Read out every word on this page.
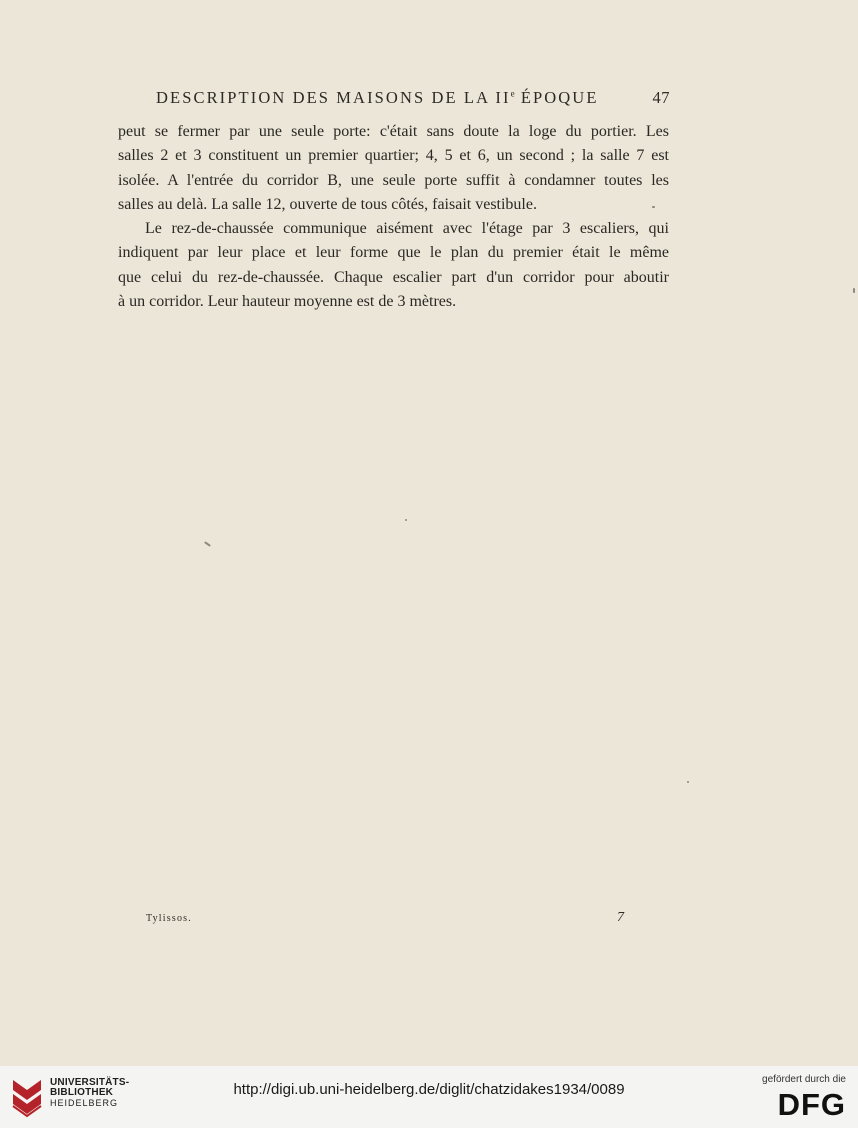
DESCRIPTION DES MAISONS DE LA IIe ÉPOQUE	47

peut se fermer par une seule porte: c'était sans doute la loge du portier. Les

salles 2 et 3 constituent un premier quartier; 4, 5 et 6, un second ; la salle 7 est

isolée. A l'entrée du corridor B, une seule porte suffit à condamner toutes les

salles au delà. La salle 12, ouverte de tous côtés, faisait vestibule.

Le rez-de-chaussée communique aisément avec l'étage par 3 escaliers, qui

indiquent par leur place et leur forme que le plan du premier était le même

que celui du rez-de-chaussée. Chaque escalier part d'un corridor pour aboutir

à un corridor. Leur hauteur moyenne est de 3 mètres.

Tylissos.	7
UNIVERSITÄTS-
BIBLIOTHEK
HEIDELBERG
http://digi.ub.uni-heidelberg.de/diglit/chatzidakes1934/0089
gefördert durch die
DFG
